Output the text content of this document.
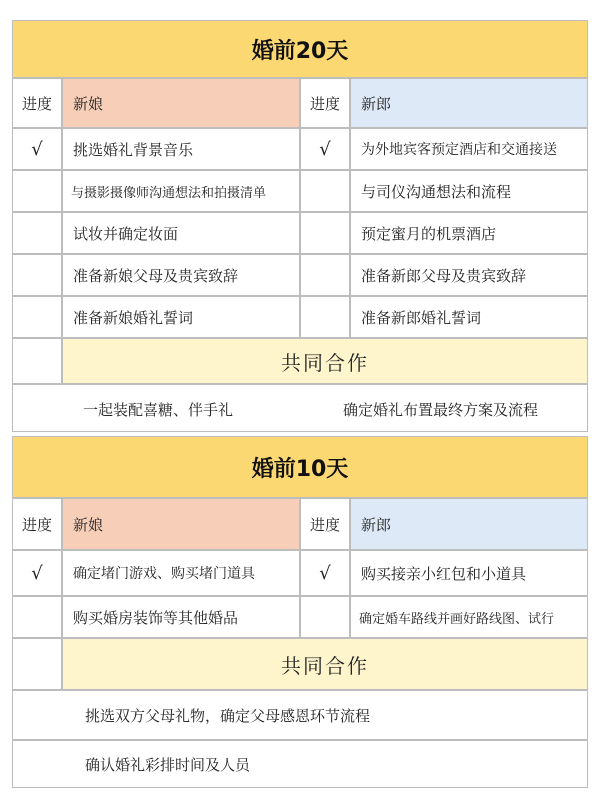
婚前20天
进度 新娘	进度 新郎
√ 挑选婚礼背景音乐	√ 为外地宾客预定酒店和交通接送
与摄影摄像师沟通想法和拍摄清单	与司仪沟通想法和流程
试妆并确定妆面	预定蜜月的机票酒店
准备新娘父母及贵宾致辞	准备新郎父母及贵宾致辞
准备新娘婚礼誓词	准备新郎婚礼誓词
共同合作
一起装配喜糖、伴手礼	确定婚礼布置最终方案及流程
婚前10天
进度 新娘	进度 新郎
√ 确定堵门游戏、购买堵门道具	√ 购买接亲小红包和小道具
购买婚房装饰等其他婚品	确定婚车路线并画好路线图、试行
共同合作
挑选双方父母礼物，确定父母感恩环节流程
确认婚礼彩排时间及人员
